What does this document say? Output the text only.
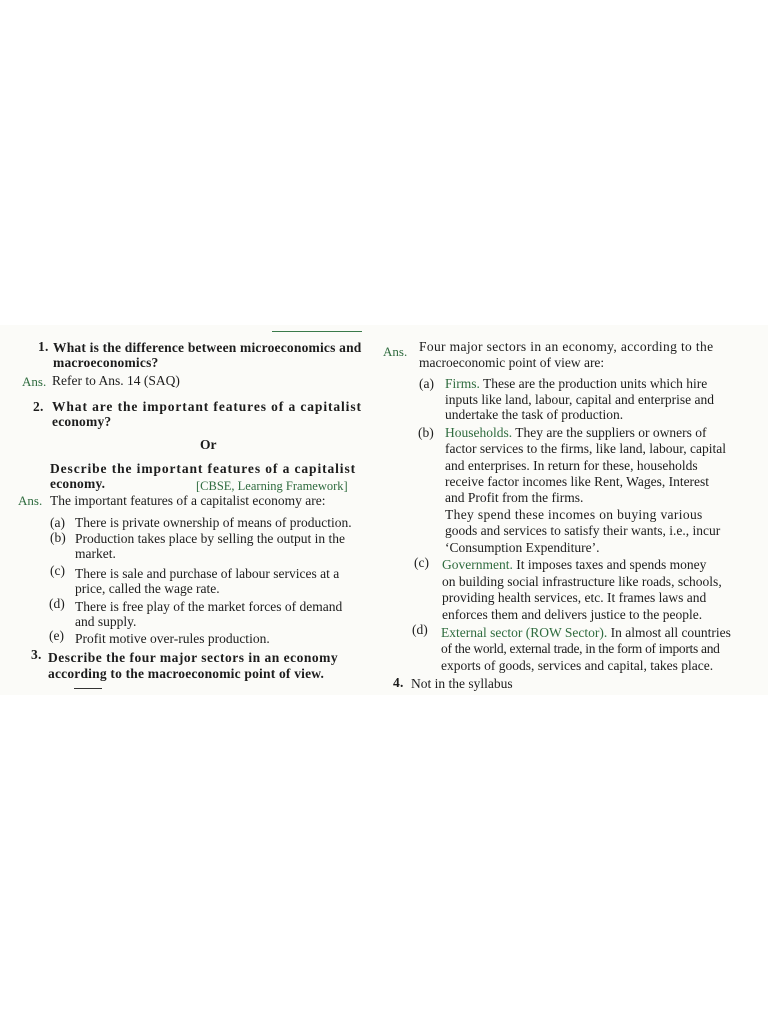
1. What is the difference between microeconomics and
macroeconomics?
Ans. Refer to Ans. 14 (SAQ)
2. What are the important features of a capitalist
economy?
Or
Describe the important features of a capitalist
economy.	[CBSE, Learning Framework]
Ans. The important features of a capitalist economy are:
(a) There is private ownership of means of production.
(b) Production takes place by selling the output in the
market.
(c) There is sale and purchase of labour services at a
price, called the wage rate.
(d) There is free play of the market forces of demand
and supply.
(e) Profit motive over-rules production.
3. Describe the four major sectors in an economy
according to the macroeconomic point of view.
Ans. Four major sectors in an economy, according to the
macroeconomic point of view are:
(a) Firms. These are the production units which hire
inputs like land, labour, capital and enterprise and
undertake the task of production.
(b) Households. They are the suppliers or owners of
factor services to the firms, like land, labour, capital
and enterprises. In return for these, households
receive factor incomes like Rent, Wages, Interest
and Profit from the firms.
They spend these incomes on buying various
goods and services to satisfy their wants, i.e., incur
‘Consumption Expenditure’.
(c) Government. It imposes taxes and spends money
on building social infrastructure like roads, schools,
providing health services, etc. It frames laws and
enforces them and delivers justice to the people.
(d) External sector (ROW Sector). In almost all countries
of the world, external trade, in the form of imports and
exports of goods, services and capital, takes place.
4. Not in the syllabus
